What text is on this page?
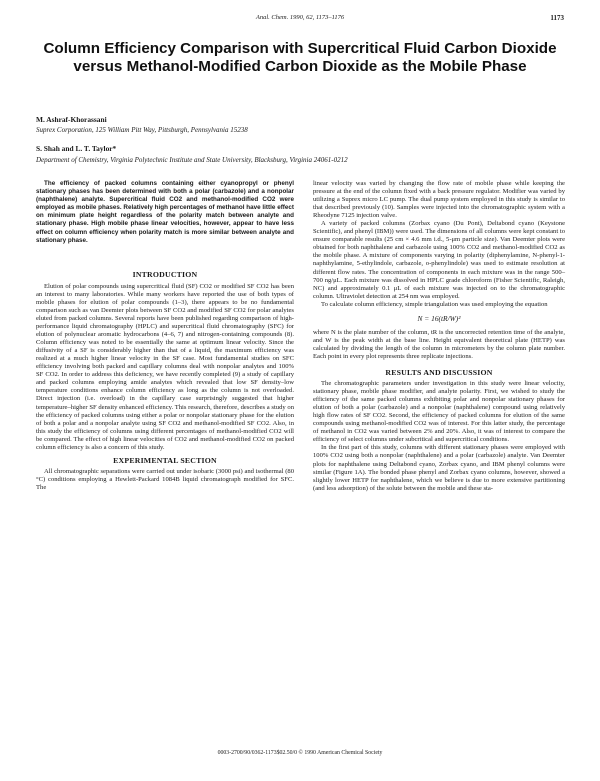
Anal. Chem. 1990, 62, 1173–1176	1173
Column Efficiency Comparison with Supercritical Fluid Carbon Dioxide versus Methanol-Modified Carbon Dioxide as the Mobile Phase
M. Ashraf-Khorassani
Suprex Corporation, 125 William Pitt Way, Pittsburgh, Pennsylvania 15238
S. Shah and L. T. Taylor*
Department of Chemistry, Virginia Polytechnic Institute and State University, Blacksburg, Virginia 24061-0212

The efficiency of packed columns containing either cyanopropyl or phenyl stationary phases has been determined with both a polar (carbazole) and a nonpolar (naphthalene) analyte. Supercritical fluid CO2 and methanol-modified CO2 were employed as mobile phases. Relatively high percentages of methanol have little effect on minimum plate height regardless of the polarity match between analyte and stationary phase. High mobile phase linear velocities, however, appear to have less effect on column efficiency when polarity match is more similar between analyte and stationary phase.

INTRODUCTION

Elution of polar compounds using supercritical fluid (SF) CO2 or modified SF CO2 has been an interest to many laboratories. While many workers have reported the use of both types of mobile phases for elution of polar compounds (1–3), there appears to be no fundamental comparison such as van Deemter plots between SF CO2 and modified SF CO2 for polar analytes eluted from packed columns. Several reports have been published regarding comparison of high-performance liquid chromatography (HPLC) and supercritical fluid chromatography (SFC) for elution of polynuclear aromatic hydrocarbons (4–6, 7) and nitrogen-containing compounds (8). Column efficiency was noted to be essentially the same at optimum linear velocity. Since the diffusivity of a SF is considerably higher than that of a liquid, the maximum efficiency was realized at a much higher linear velocity in the SF case. Most fundamental studies on SFC efficiency involving both packed and capillary columns deal with nonpolar analytes and 100% SF CO2. In order to address this deficiency, we have recently completed (9) a study of capillary and packed columns employing amide analytes which revealed that low SF density–low temperature conditions enhance column efficiency as long as the column is not overloaded. Direct injection (i.e. overload) in the capillary case surprisingly suggested that higher temperature–higher SF density enhanced efficiency. This research, therefore, describes a study on the efficiency of packed columns using either a polar or nonpolar stationary phase for the elution of both a polar and a nonpolar analyte using SF CO2 and methanol-modified SF CO2. Also, in this study the efficiency of columns using different percentages of methanol-modified CO2 will be compared. The effect of high linear velocities of CO2 and methanol-modified CO2 on packed column efficiency is also a concern of this study.

EXPERIMENTAL SECTION

All chromatographic separations were carried out under isobaric (3000 psi) and isothermal (80 °C) conditions employing a Hewlett-Packard 1084B liquid chromatograph modified for SFC. The

linear velocity was varied by changing the flow rate of mobile phase while keeping the pressure at the end of the column fixed with a back pressure regulator. Modifier was varied by utilizing a Suprex micro LC pump. The dual pump system employed in this study is similar to that described previously (10). Samples were injected into the chromatographic system with a Rheodyne 7125 injection valve.

A variety of packed columns (Zorbax cyano (Du Pont), Deltabond cyano (Keystone Scientific), and phenyl (IBM)) were used. The dimensions of all columns were kept constant to ensure comparable results (25 cm × 4.6 mm i.d., 5-μm particle size). Van Deemter plots were obtained for both naphthalene and carbazole using 100% CO2 and methanol-modified CO2 as the mobile phase. A mixture of components varying in polarity (diphenylamine, N-phenyl-1-naphthylamine, 5-ethylindole, carbazole, o-phenylindole) was used to estimate resolution at different flow rates. The concentration of components in each mixture was in the range 500–700 ng/μL. Each mixture was dissolved in HPLC grade chloroform (Fisher Scientific, Raleigh, NC) and approximately 0.1 μL of each mixture was injected on to the chromatographic column. Ultraviolet detection at 254 nm was employed.

To calculate column efficiency, simple triangulation was used employing the equation

N = 16(tR/W)²

where N is the plate number of the column, tR is the uncorrected retention time of the analyte, and W is the peak width at the base line. Height equivalent theoretical plate (HETP) was calculated by dividing the length of the column in micrometers by the column plate number. Each point in every plot represents three replicate injections.

RESULTS AND DISCUSSION

The chromatographic parameters under investigation in this study were linear velocity, stationary phase, mobile phase modifier, and analyte polarity. First, we wished to study the efficiency of the same packed columns exhibiting polar and nonpolar stationary phases for elution of both a polar (carbazole) and a nonpolar (naphthalene) compound using relatively high flow rates of SF CO2. Second, the efficiency of packed columns for elution of the same compounds using methanol-modified CO2 was of interest. For this latter study, the percentage of methanol in CO2 was varied between 2% and 20%. Also, it was of interest to compare the efficiency of select columns under subcritical and supercritical conditions.

In the first part of this study, columns with different stationary phases were employed with 100% CO2 using both a nonpolar (naphthalene) and a polar (carbazole) analyte. Van Deemter plots for naphthalene using Deltabond cyano, Zorbax cyano, and IBM phenyl columns were similar (Figure 1A). The bonded phase phenyl and Zorbax cyano columns, however, showed a slightly lower HETP for naphthalene, which we believe is due to more extensive partitioning (and less adsorption) of the solute between the mobile and these sta-

0003-2700/90/0362-1173$02.50/0 © 1990 American Chemical Society
